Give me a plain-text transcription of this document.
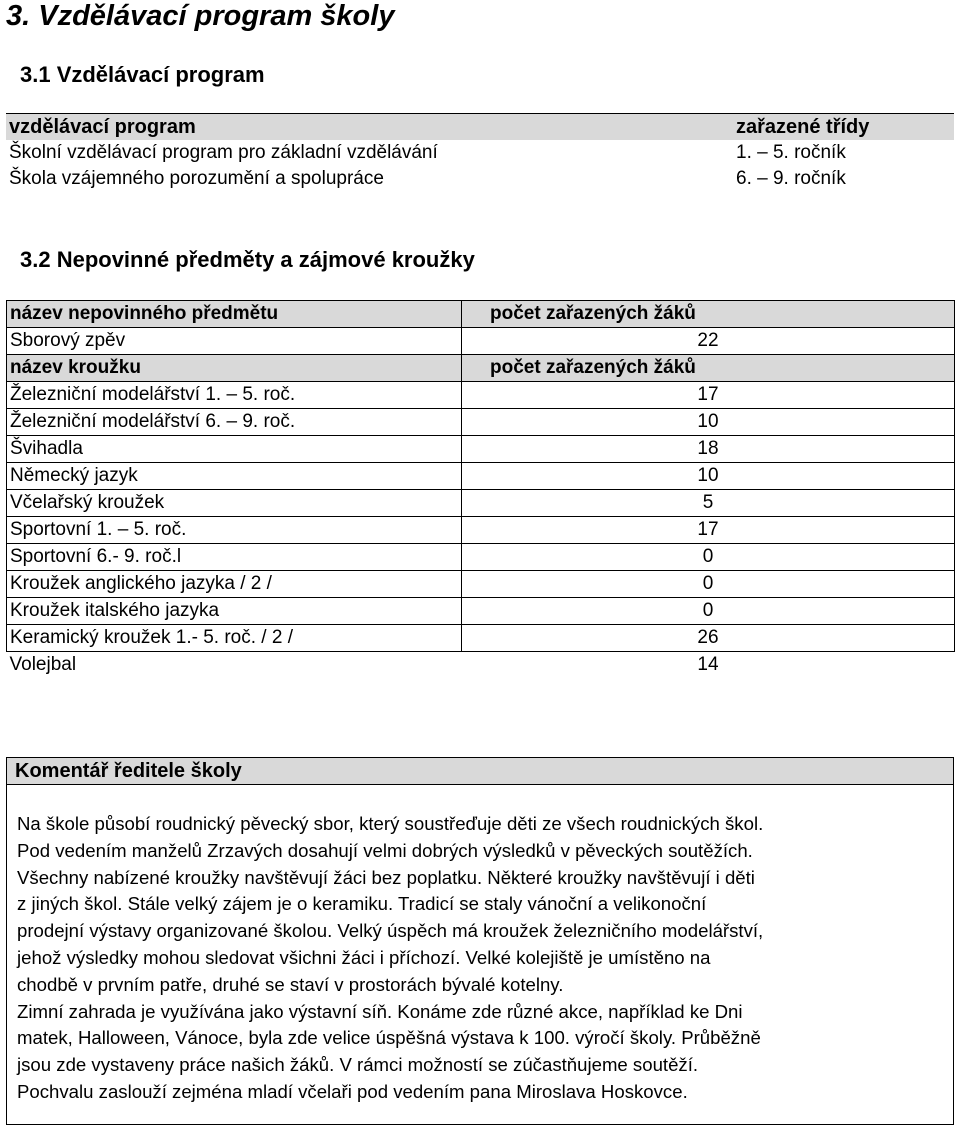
3. Vzdělávací program školy
3.1 Vzdělávací program
vzdělávací program	zařazené třídy
Školní vzdělávací program pro základní vzdělávání	1. – 5. ročník
Škola vzájemného porozumění a spolupráce	6. – 9. ročník
3.2 Nepovinné předměty a zájmové kroužky
název nepovinného předmětu	počet zařazených žáků
Sborový zpěv	22
název kroužku	počet zařazených žáků
Železniční modelářství 1. – 5. roč.	17
Železniční modelářství 6. – 9. roč.	10
Švihadla	18
Německý jazyk	10
Včelařský kroužek	5
Sportovní 1. – 5. roč.	17
Sportovní 6.- 9. roč.l	0
Kroužek anglického jazyka / 2 /	0
Kroužek italského jazyka	0
Keramický kroužek 1.- 5. roč. / 2 /	26
Volejbal	14
Komentář ředitele školy
Na škole působí roudnický pěvecký sbor, který soustřeďuje děti ze všech roudnických škol.
Pod vedením manželů Zrzavých dosahují velmi dobrých výsledků v pěveckých soutěžích.
Všechny nabízené kroužky navštěvují žáci bez poplatku. Některé kroužky navštěvují i děti
z jiných škol. Stále velký zájem je o keramiku. Tradicí se staly vánoční a velikonoční
prodejní výstavy organizované školou. Velký úspěch má kroužek železničního modelářství,
jehož výsledky mohou sledovat všichni žáci i příchozí. Velké kolejiště je umístěno na
chodbě v prvním patře, druhé se staví v prostorách bývalé kotelny.
Zimní zahrada je využívána jako výstavní síň. Konáme zde různé akce, například ke Dni
matek, Halloween, Vánoce, byla zde velice úspěšná výstava k 100. výročí školy. Průběžně
jsou zde vystaveny práce našich žáků. V rámci možností se zúčastňujeme soutěží.
Pochvalu zaslouží zejména mladí včelaři pod vedením pana Miroslava Hoskovce.
